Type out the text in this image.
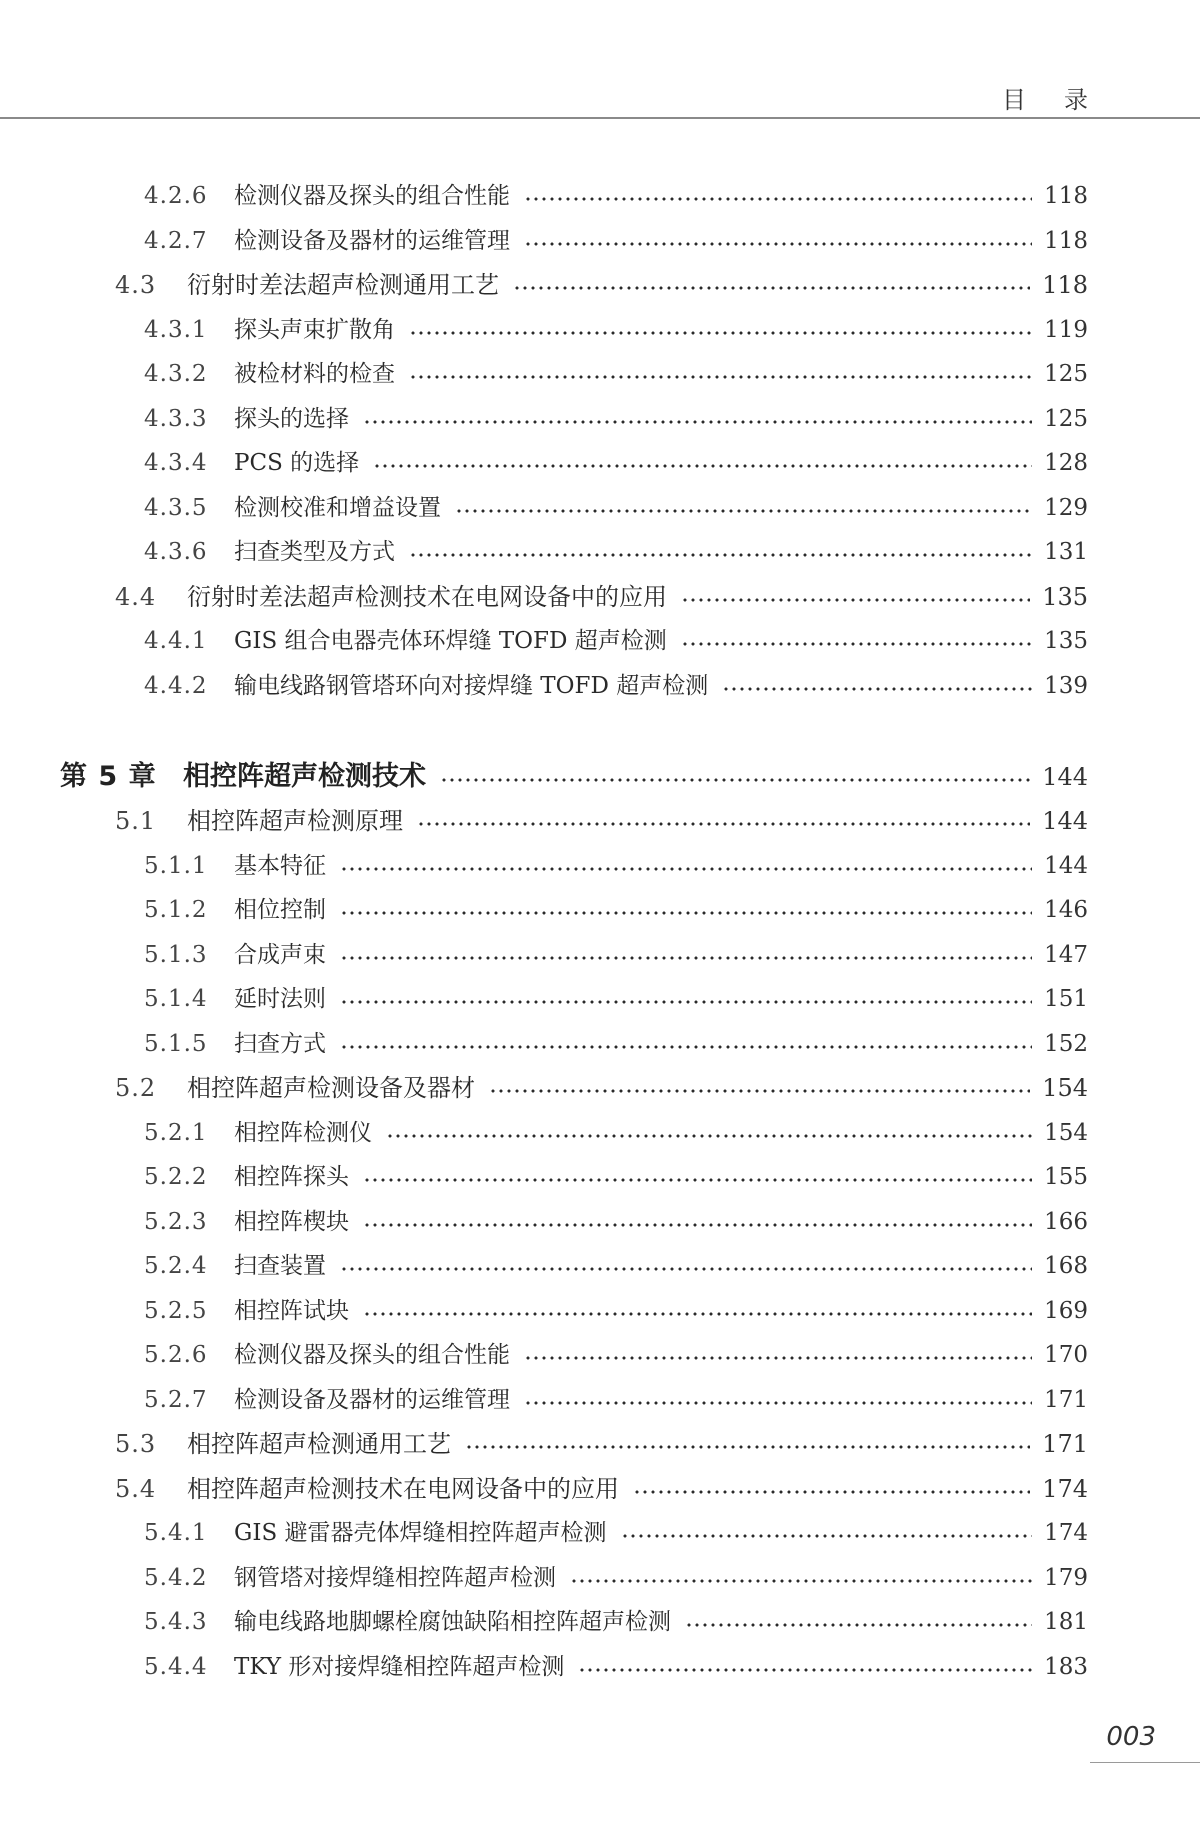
目录
4.2.6	检测仪器及探头的组合性能	118
4.2.7	检测设备及器材的运维管理	118
4.3	衍射时差法超声检测通用工艺	118
4.3.1	探头声束扩散角	119
4.3.2	被检材料的检查	125
4.3.3	探头的选择	125
4.3.4	PCS 的选择	128
4.3.5	检测校准和增益设置	129
4.3.6	扫查类型及方式	131
4.4	衍射时差法超声检测技术在电网设备中的应用	135
4.4.1	GIS 组合电器壳体环焊缝 TOFD 超声检测	135
4.4.2	输电线路钢管塔环向对接焊缝 TOFD 超声检测	139
第 5 章 相控阵超声检测技术	144
5.1	相控阵超声检测原理	144
5.1.1	基本特征	144
5.1.2	相位控制	146
5.1.3	合成声束	147
5.1.4	延时法则	151
5.1.5	扫查方式	152
5.2	相控阵超声检测设备及器材	154
5.2.1	相控阵检测仪	154
5.2.2	相控阵探头	155
5.2.3	相控阵楔块	166
5.2.4	扫查装置	168
5.2.5	相控阵试块	169
5.2.6	检测仪器及探头的组合性能	170
5.2.7	检测设备及器材的运维管理	171
5.3	相控阵超声检测通用工艺	171
5.4	相控阵超声检测技术在电网设备中的应用	174
5.4.1	GIS 避雷器壳体焊缝相控阵超声检测	174
5.4.2	钢管塔对接焊缝相控阵超声检测	179
5.4.3	输电线路地脚螺栓腐蚀缺陷相控阵超声检测	181
5.4.4	TKY 形对接焊缝相控阵超声检测	183
003
